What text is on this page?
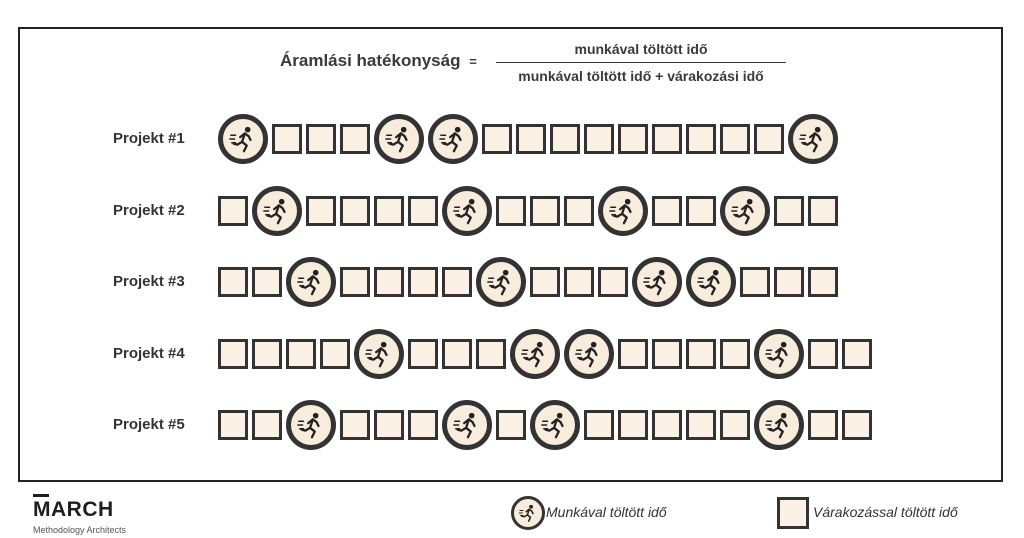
Áramlási hatékonyság =
munkával töltött idő
munkával töltött idő + várakozási idő
Projekt #1
Projekt #2
Projekt #3
Projekt #4
Projekt #5
MARCH
Methodology Architects
Munkával töltött idő	Várakozással töltött idő
